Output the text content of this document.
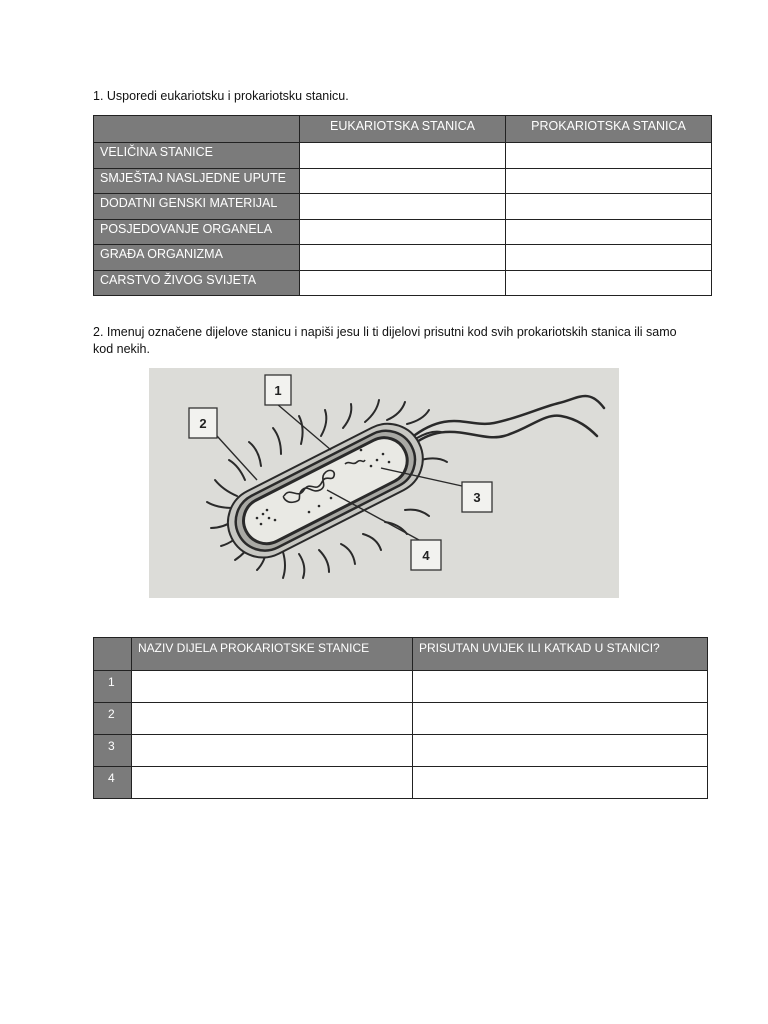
1. Usporedi eukariotsku i prokariotsku stanicu.

	EUKARIOTSKA STANICA	PROKARIOTSKA STANICA
VELIČINA STANICE		
SMJEŠTAJ NASLJEDNE UPUTE		
DODATNI GENSKI MATERIJAL		
POSJEDOVANJE ORGANELA		
GRAĐA ORGANIZMA		
CARSTVO ŽIVOG SVIJETA		

2. Imenuj označene dijelove stanicu i napiši jesu li ti dijelovi prisutni kod svih prokariotskih stanica ili samo kod nekih.

1
2
3
4
	NAZIV DIJELA PROKARIOTSKE STANICE	PRISUTAN UVIJEK ILI KATKAD U STANICI?
1		
2		
3		
4		
